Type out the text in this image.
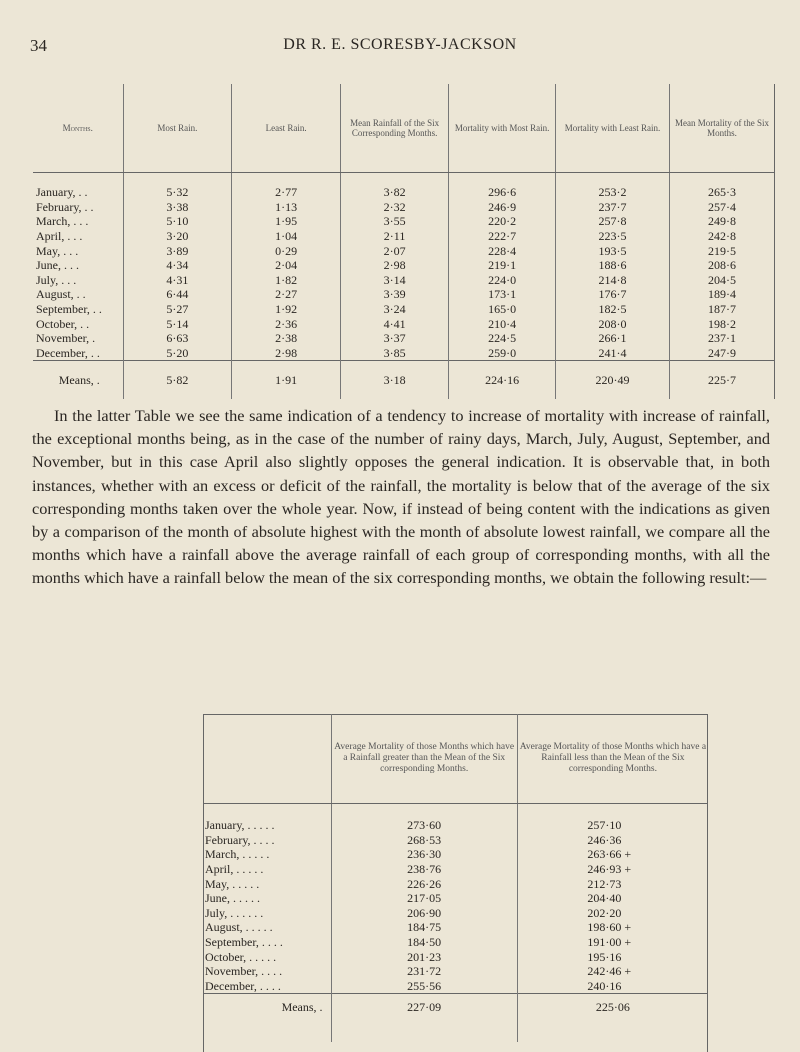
34	DR R. E. SCORESBY-JACKSON
Months.	Most Rain.	Least Rain.	Mean Rainfall of the Six Corresponding Months.	Mortality with Most Rain.	Mortality with Least Rain.	Mean Mortality of the Six Months.
January, . .	5·32	2·77	3·82	296·6	253·2	265·3
February, . .	3·38	1·13	2·32	246·9	237·7	257·4
March, . . .	5·10	1·95	3·55	220·2	257·8	249·8
April, . . .	3·20	1·04	2·11	222·7	223·5	242·8
May, . . .	3·89	0·29	2·07	228·4	193·5	219·5
June, . . .	4·34	2·04	2·98	219·1	188·6	208·6
July, . . .	4·31	1·82	3·14	224·0	214·8	204·5
August, . .	6·44	2·27	3·39	173·1	176·7	189·4
September, . .	5·27	1·92	3·24	165·0	182·5	187·7
October, . .	5·14	2·36	4·41	210·4	208·0	198·2
November, .	6·63	2·38	3·37	224·5	266·1	237·1
December, . .	5·20	2·98	3·85	259·0	241·4	247·9
Means, .	5·82	1·91	3·18	224·16	220·49	225·7
In the latter Table we see the same indication of a tendency to increase of mortality with increase of rainfall, the exceptional months being, as in the case of the number of rainy days, March, July, August, September, and November, but in this case April also slightly opposes the general indication. It is observable that, in both instances, whether with an excess or deficit of the rainfall, the mortality is below that of the average of the six corresponding months taken over the whole year. Now, if instead of being content with the indications as given by a comparison of the month of absolute highest with the month of absolute lowest rainfall, we compare all the months which have a rainfall above the average rainfall of each group of corresponding months, with all the months which have a rainfall below the mean of the six corresponding months, we obtain the following result:—
	Average Mortality of those Months which have a Rainfall greater than the Mean of the Six corresponding Months.	Average Mortality of those Months which have a Rainfall less than the Mean of the Six corresponding Months.
January, . . . . .	273·60	257·10
February, . . . .	268·53	246·36
March, . . . . .	236·30	263·66 +
April, . . . . .	238·76	246·93 +
May, . . . . .	226·26	212·73
June, . . . . .	217·05	204·40
July, . . . . . .	206·90	202·20
August, . . . . .	184·75	198·60 +
September, . . . .	184·50	191·00 +
October, . . . . .	201·23	195·16
November, . . . .	231·72	242·46 +
December, . . . .	255·56	240·16
Means, .	227·09	225·06
